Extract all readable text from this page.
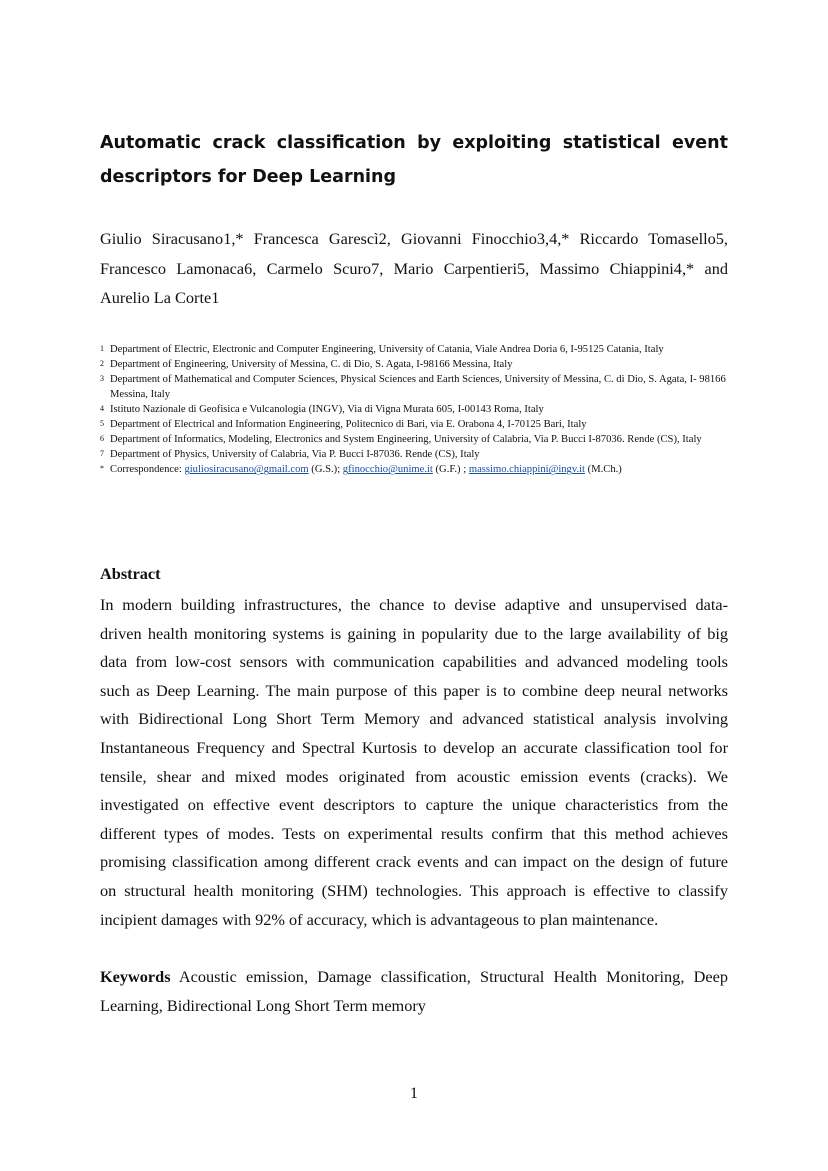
Automatic crack classification by exploiting statistical event
descriptors for Deep Learning

Giulio Siracusano1,* Francesca Garescì2, Giovanni Finocchio3,4,* Riccardo Tomasello5,
Francesco Lamonaca6, Carmelo Scuro7, Mario Carpentieri5, Massimo Chiappini4,* and
Aurelio La Corte1

1 Department of Electric, Electronic and Computer Engineering, University of Catania, Viale Andrea Doria 6, I-95125 Catania, Italy
2 Department of Engineering, University of Messina, C. di Dio, S. Agata, I-98166 Messina, Italy
3 Department of Mathematical and Computer Sciences, Physical Sciences and Earth Sciences, University of Messina, C. di Dio, S. Agata, I- 98166 Messina, Italy
4 Istituto Nazionale di Geofisica e Vulcanologia (INGV), Via di Vigna Murata 605, I-00143 Roma, Italy
5 Department of Electrical and Information Engineering, Politecnico di Bari, via E. Orabona 4, I-70125 Bari, Italy
6 Department of Informatics, Modeling, Electronics and System Engineering, University of Calabria, Via P. Bucci I-87036. Rende (CS), Italy
7 Department of Physics, University of Calabria, Via P. Bucci I-87036. Rende (CS), Italy
* Correspondence: giuliosiracusano@gmail.com (G.S.); gfinocchio@unime.it (G.F.) ; massimo.chiappini@ingv.it (M.Ch.)
Abstract

In modern building infrastructures, the chance to devise adaptive and unsupervised data-
driven health monitoring systems is gaining in popularity due to the large availability of big
data from low-cost sensors with communication capabilities and advanced modeling tools
such as Deep Learning. The main purpose of this paper is to combine deep neural networks
with Bidirectional Long Short Term Memory and advanced statistical analysis involving
Instantaneous Frequency and Spectral Kurtosis to develop an accurate classification tool for
tensile, shear and mixed modes originated from acoustic emission events (cracks). We
investigated on effective event descriptors to capture the unique characteristics from the
different types of modes. Tests on experimental results confirm that this method achieves
promising classification among different crack events and can impact on the design of future
on structural health monitoring (SHM) technologies. This approach is effective to classify
incipient damages with 92% of accuracy, which is advantageous to plan maintenance.

Keywords Acoustic emission, Damage classification, Structural Health Monitoring, Deep
Learning, Bidirectional Long Short Term memory

1
